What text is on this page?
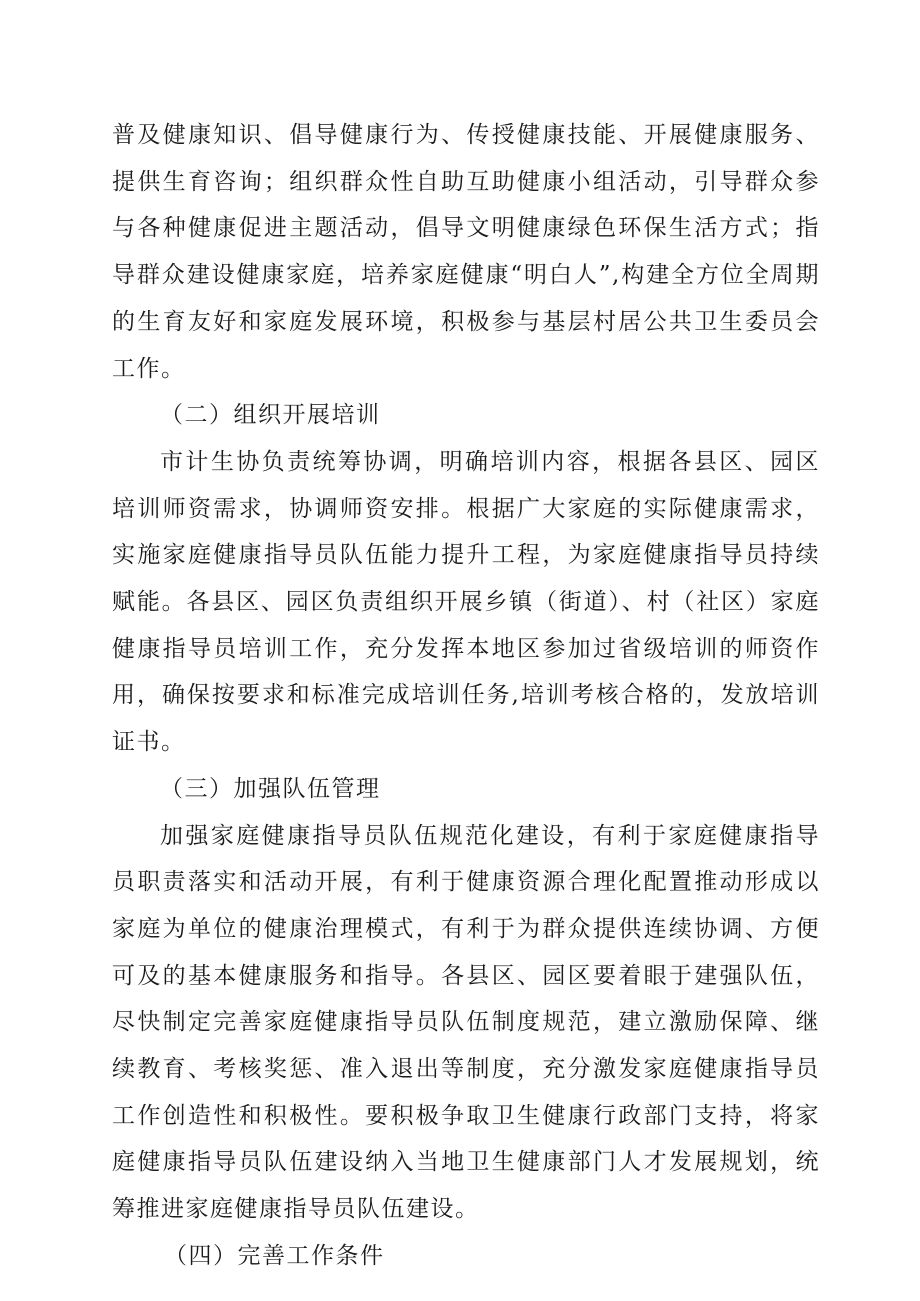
普及健康知识、倡导健康行为、传授健康技能、开展健康服务、提供生育咨询；组织群众性自助互助健康小组活动，引导群众参与各种健康促进主题活动，倡导文明健康绿色环保生活方式；指导群众建设健康家庭，培养家庭健康“明白人”,构建全方位全周期的生育友好和家庭发展环境，积极参与基层村居公共卫生委员会工作。

（二）组织开展培训

市计生协负责统筹协调，明确培训内容，根据各县区、园区培训师资需求，协调师资安排。根据广大家庭的实际健康需求，实施家庭健康指导员队伍能力提升工程，为家庭健康指导员持续赋能。各县区、园区负责组织开展乡镇（街道）、村（社区）家庭健康指导员培训工作，充分发挥本地区参加过省级培训的师资作用，确保按要求和标准完成培训任务,培训考核合格的，发放培训证书。

（三）加强队伍管理

加强家庭健康指导员队伍规范化建设，有利于家庭健康指导员职责落实和活动开展，有利于健康资源合理化配置推动形成以家庭为单位的健康治理模式，有利于为群众提供连续协调、方便可及的基本健康服务和指导。各县区、园区要着眼于建强队伍，尽快制定完善家庭健康指导员队伍制度规范，建立激励保障、继续教育、考核奖惩、准入退出等制度，充分激发家庭健康指导员工作创造性和积极性。要积极争取卫生健康行政部门支持，将家庭健康指导员队伍建设纳入当地卫生健康部门人才发展规划，统筹推进家庭健康指导员队伍建设。

（四）完善工作条件
